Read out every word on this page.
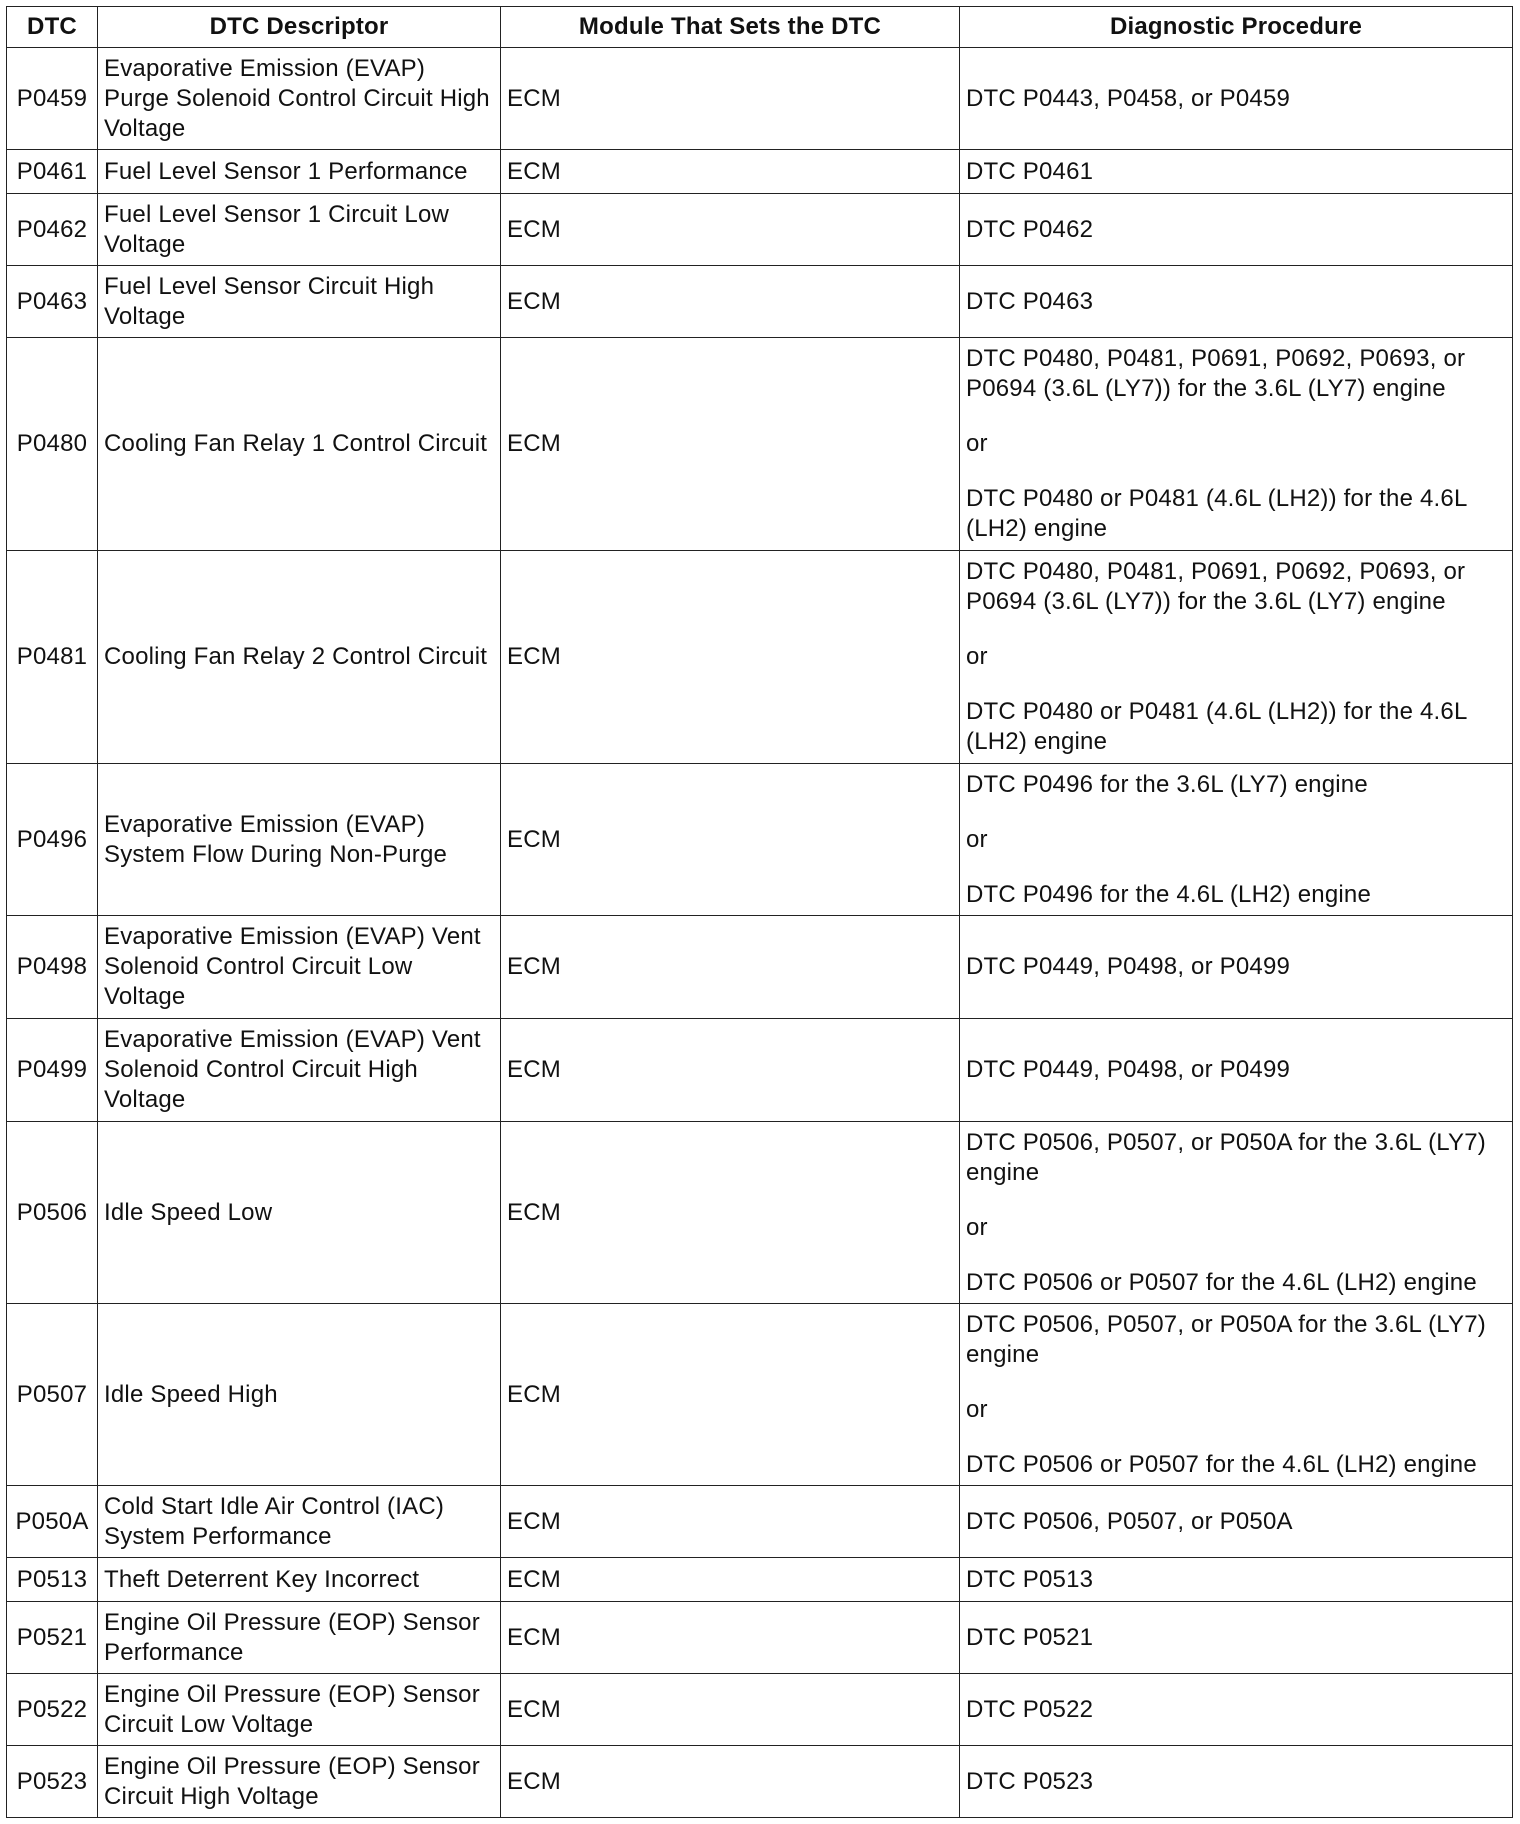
DTC	DTC Descriptor	Module That Sets the DTC	Diagnostic Procedure
P0459	Evaporative Emission (EVAP) Purge Solenoid Control Circuit High Voltage	ECM	DTC P0443, P0458, or P0459

P0461	Fuel Level Sensor 1 Performance	ECM	DTC P0461

P0462	Fuel Level Sensor 1 Circuit Low Voltage	ECM	DTC P0462

P0463	Fuel Level Sensor Circuit High Voltage	ECM	DTC P0463

P0480	Cooling Fan Relay 1 Control Circuit	ECM	DTC P0480, P0481, P0691, P0692, P0693, or P0694 (3.6L (LY7)) for the 3.6L (LY7) engine
or
DTC P0480 or P0481 (4.6L (LH2)) for the 4.6L (LH2) engine

P0481	Cooling Fan Relay 2 Control Circuit	ECM	DTC P0480, P0481, P0691, P0692, P0693, or P0694 (3.6L (LY7)) for the 3.6L (LY7) engine
or
DTC P0480 or P0481 (4.6L (LH2)) for the 4.6L (LH2) engine

P0496	Evaporative Emission (EVAP) System Flow During Non-Purge	ECM	DTC P0496 for the 3.6L (LY7) engine
or
DTC P0496 for the 4.6L (LH2) engine

P0498	Evaporative Emission (EVAP) Vent Solenoid Control Circuit Low Voltage	ECM	DTC P0449, P0498, or P0499

P0499	Evaporative Emission (EVAP) Vent Solenoid Control Circuit High Voltage	ECM	DTC P0449, P0498, or P0499

P0506	Idle Speed Low	ECM	DTC P0506, P0507, or P050A for the 3.6L (LY7) engine
or
DTC P0506 or P0507 for the 4.6L (LH2) engine

P0507	Idle Speed High	ECM	DTC P0506, P0507, or P050A for the 3.6L (LY7) engine
or
DTC P0506 or P0507 for the 4.6L (LH2) engine

P050A	Cold Start Idle Air Control (IAC) System Performance	ECM	DTC P0506, P0507, or P050A

P0513	Theft Deterrent Key Incorrect	ECM	DTC P0513

P0521	Engine Oil Pressure (EOP) Sensor Performance	ECM	DTC P0521

P0522	Engine Oil Pressure (EOP) Sensor Circuit Low Voltage	ECM	DTC P0522

P0523	Engine Oil Pressure (EOP) Sensor Circuit High Voltage	ECM	DTC P0523
